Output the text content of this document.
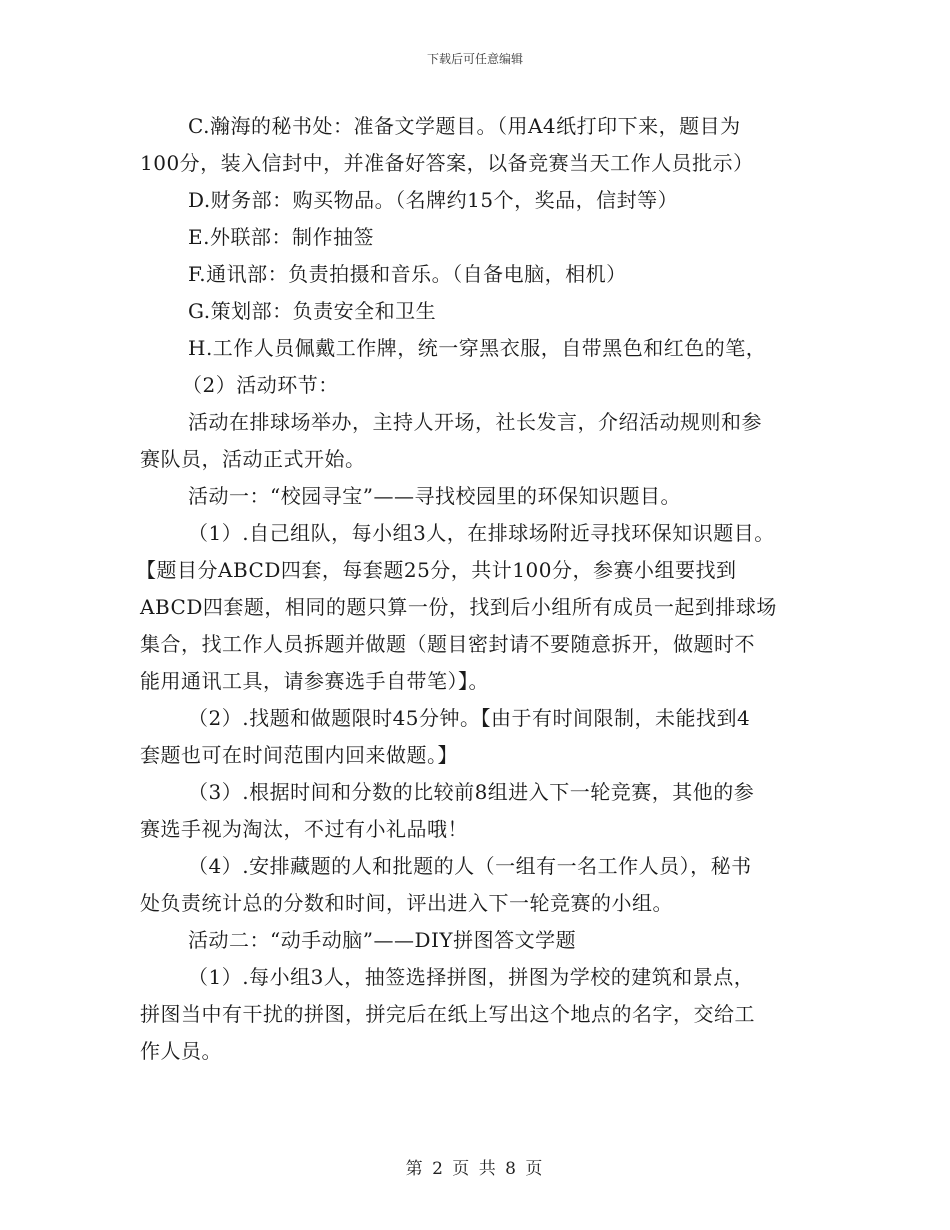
下载后可任意编辑
C.瀚海的秘书处：准备文学题目。（用A4纸打印下来，题目为
100分，装入信封中，并准备好答案，以备竞赛当天工作人员批示）
D.财务部：购买物品。（名牌约15个，奖品，信封等）
E.外联部：制作抽签
F.通讯部：负责拍摄和音乐。（自备电脑，相机）
G.策划部：负责安全和卫生
H.工作人员佩戴工作牌，统一穿黑衣服，自带黑色和红色的笔，
（2）活动环节：
活动在排球场举办，主持人开场，社长发言，介绍活动规则和参
赛队员，活动正式开始。
活动一：“校园寻宝”——寻找校园里的环保知识题目。
（1）.自己组队，每小组3人，在排球场附近寻找环保知识题目。
【题目分ABCD四套，每套题25分，共计100分，参赛小组要找到
ABCD四套题，相同的题只算一份，找到后小组所有成员一起到排球场
集合，找工作人员拆题并做题（题目密封请不要随意拆开，做题时不
能用通讯工具，请参赛选手自带笔）】。
（2）.找题和做题限时45分钟。【由于有时间限制，未能找到4
套题也可在时间范围内回来做题。】
（3）.根据时间和分数的比较前8组进入下一轮竞赛，其他的参
赛选手视为淘汰，不过有小礼品哦！
（4）.安排藏题的人和批题的人（一组有一名工作人员），秘书
处负责统计总的分数和时间，评出进入下一轮竞赛的小组。
活动二：“动手动脑”——DIY拼图答文学题
（1）.每小组3人，抽签选择拼图，拼图为学校的建筑和景点，
拼图当中有干扰的拼图，拼完后在纸上写出这个地点的名字，交给工
作人员。
第 2 页 共 8 页
